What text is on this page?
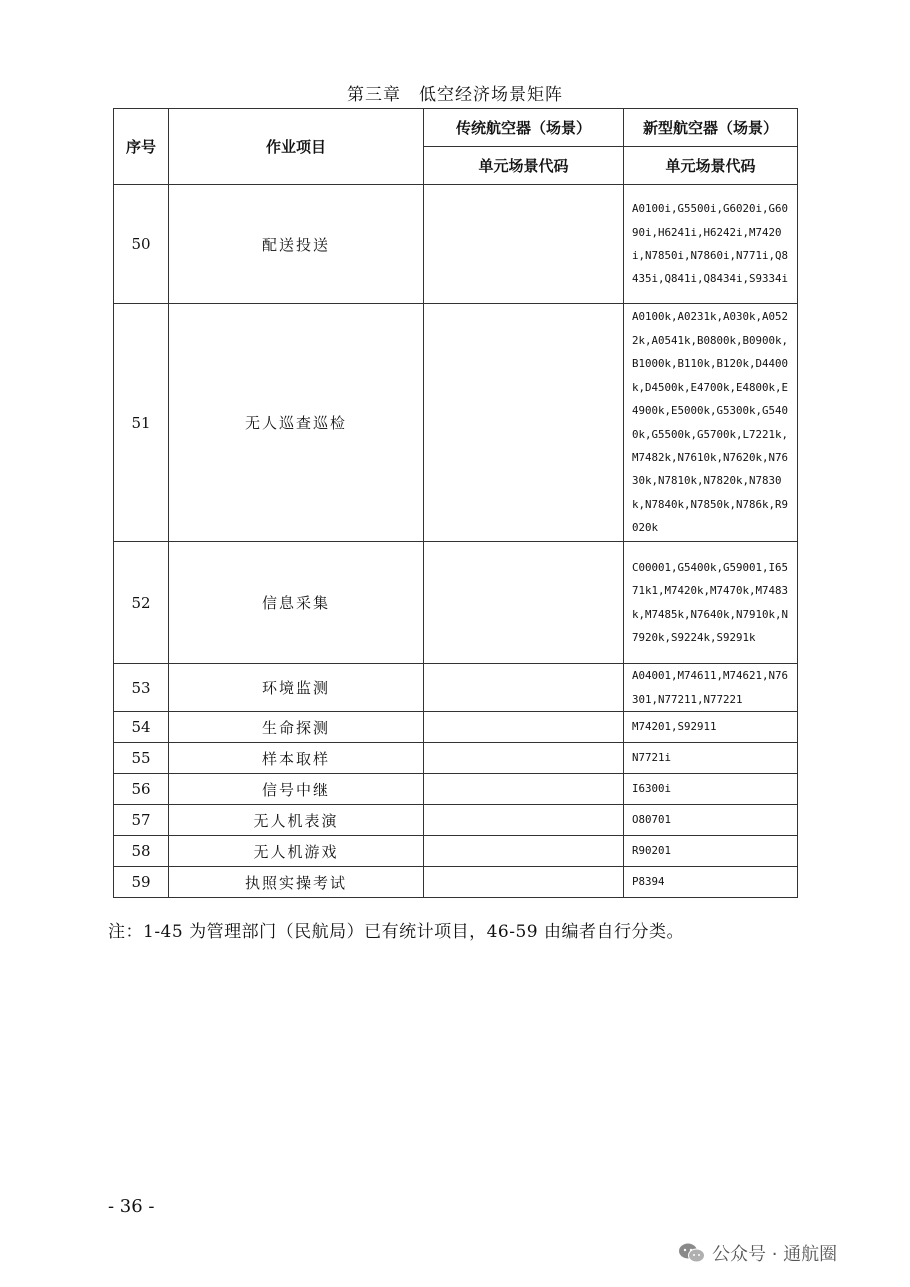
第三章　低空经济场景矩阵
序号	作业项目	传统航空器（场景）	新型航空器（场景）
		单元场景代码	单元场景代码
50	配送投送		A0100i,G5500i,G6020i,G6090i,H6241i,H6242i,M7420i,N7850i,N7860i,N771i,Q8435i,Q841i,Q8434i,S9334i
51	无人巡查巡检		A0100k,A0231k,A030k,A0522k,A0541k,B0800k,B0900k,B1000k,B110k,B120k,D4400k,D4500k,E4700k,E4800k,E4900k,E5000k,G5300k,G5400k,G5500k,G5700k,L7221k,M7482k,N7610k,N7620k,N7630k,N7810k,N7820k,N7830k,N7840k,N7850k,N786k,R9020k
52	信息采集		C00001,G5400k,G59001,I6571k1,M7420k,M7470k,M7483k,M7485k,N7640k,N7910k,N7920k,S9224k,S9291k
53	环境监测		A04001,M74611,M74621,N76301,N77211,N77221
54	生命探测		M74201,S92911
55	样本取样		N7721i
56	信号中继		I6300i
57	无人机表演		O80701
58	无人机游戏		R90201
59	执照实操考试		P8394
注：1-45 为管理部门（民航局）已有统计项目，46-59 由编者自行分类。
- 36 -
公众号 · 通航圈
